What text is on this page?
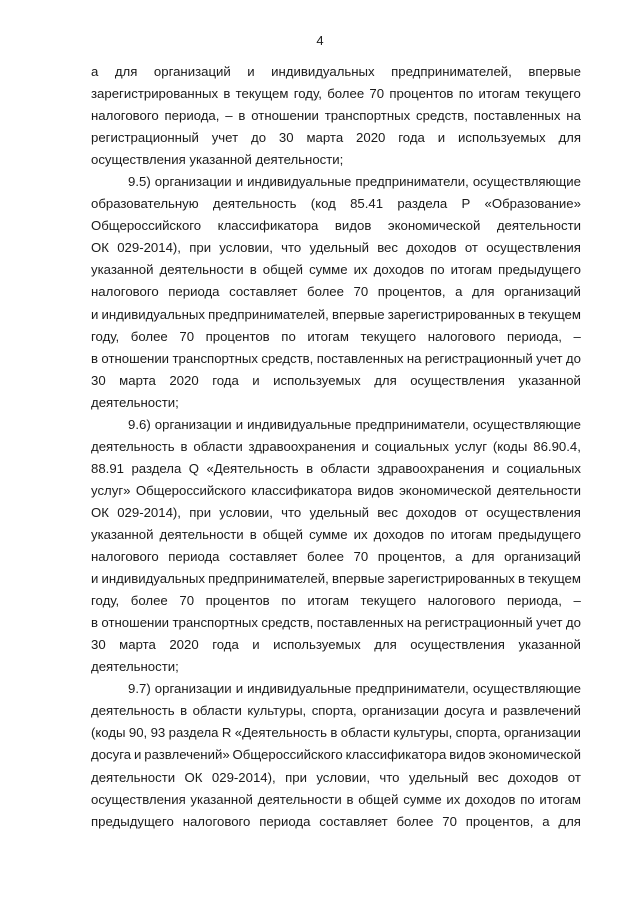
4
а для организаций и индивидуальных предпринимателей, впервые
зарегистрированных в текущем году, более 70 процентов по итогам текущего
налогового периода, – в отношении транспортных средств, поставленных на
регистрационный учет до 30 марта 2020 года и используемых для
осуществления указанной деятельности;
9.5) организации и индивидуальные предприниматели, осуществляющие
образовательную деятельность (код 85.41 раздела P «Образование»
Общероссийского классификатора видов экономической деятельности
ОК 029-2014), при условии, что удельный вес доходов от осуществления
указанной деятельности в общей сумме их доходов по итогам предыдущего
налогового периода составляет более 70 процентов, а для организаций
и индивидуальных предпринимателей, впервые зарегистрированных в текущем
году, более 70 процентов по итогам текущего налогового периода, –
в отношении транспортных средств, поставленных на регистрационный учет до
30 марта 2020 года и используемых для осуществления указанной
деятельности;
9.6) организации и индивидуальные предприниматели, осуществляющие
деятельность в области здравоохранения и социальных услуг (коды 86.90.4,
88.91 раздела Q «Деятельность в области здравоохранения и социальных
услуг» Общероссийского классификатора видов экономической деятельности
ОК 029-2014), при условии, что удельный вес доходов от осуществления
указанной деятельности в общей сумме их доходов по итогам предыдущего
налогового периода составляет более 70 процентов, а для организаций
и индивидуальных предпринимателей, впервые зарегистрированных в текущем
году, более 70 процентов по итогам текущего налогового периода, –
в отношении транспортных средств, поставленных на регистрационный учет до
30 марта 2020 года и используемых для осуществления указанной
деятельности;
9.7) организации и индивидуальные предприниматели, осуществляющие
деятельность в области культуры, спорта, организации досуга и развлечений
(коды 90, 93 раздела R «Деятельность в области культуры, спорта, организации
досуга и развлечений» Общероссийского классификатора видов экономической
деятельности ОК 029-2014), при условии, что удельный вес доходов от
осуществления указанной деятельности в общей сумме их доходов по итогам
предыдущего налогового периода составляет более 70 процентов, а для
